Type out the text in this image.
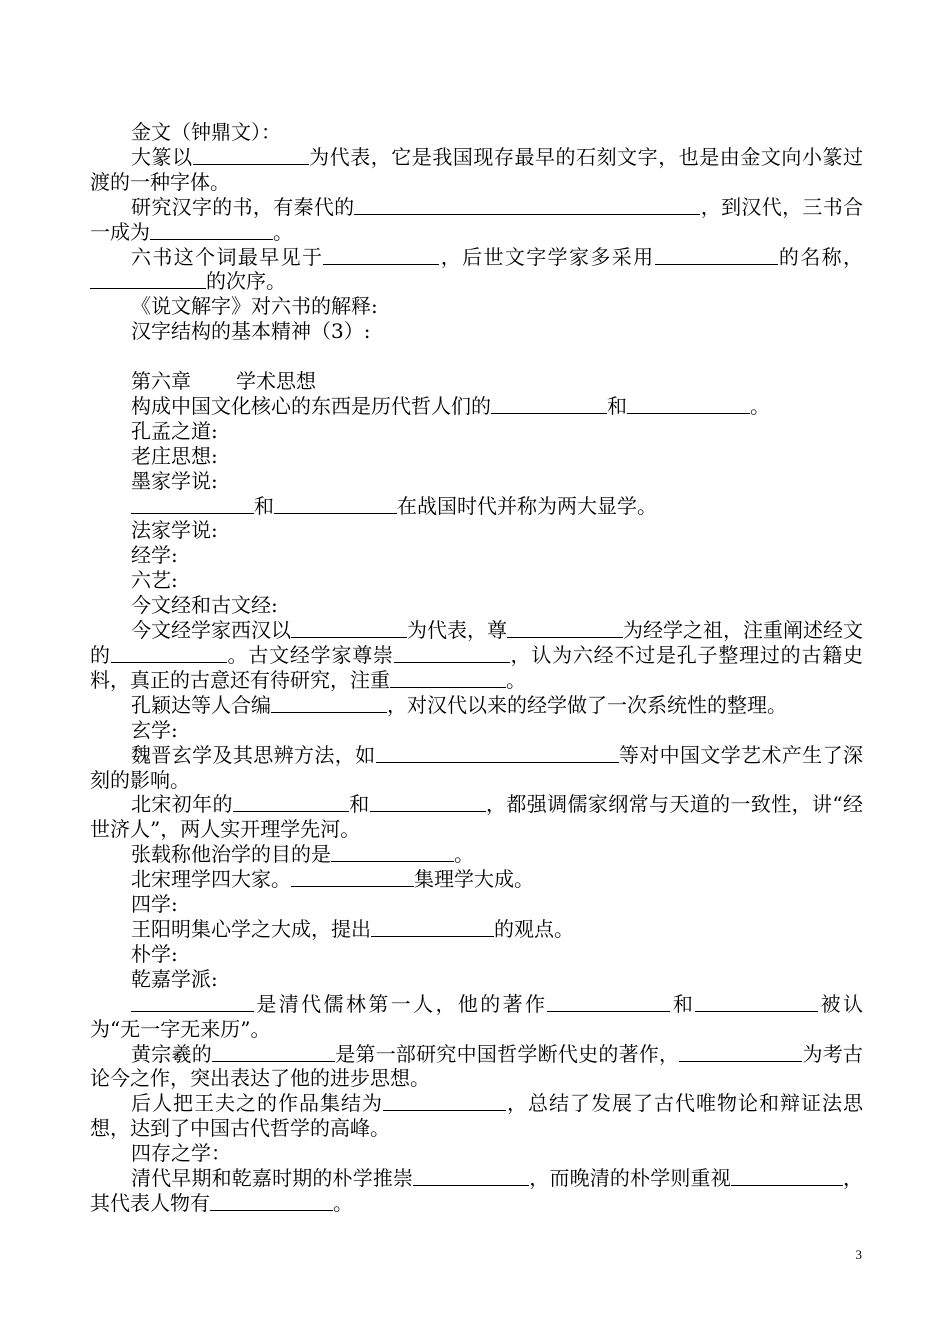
金文（钟鼎文）：

大篆以	为代表，它是我国现存最早的石刻文字，也是由金文向小篆过渡的一种字体。

研究汉字的书，有秦代的	，到汉代，三书合一成为	。

六书这个词最早见于	，后世文字学家多采用	的名称，的次序。

《说文解字》对六书的解释:

汉字结构的基本精神（3）:

第六章 学术思想

构成中国文化核心的东西是历代哲人们的	和	。

孔孟之道:

老庄思想:

墨家学说:

和	在战国时代并称为两大显学。

法家学说:

经学:

六艺:

今文经和古文经:

今文经学家西汉以	为代表，尊	为经学之祖，注重阐述经文的	。古文经学家尊崇	，认为六经不过是孔子整理过的古籍史料，真正的古意还有待研究，注重	。

孔颖达等人合编	，对汉代以来的经学做了一次系统性的整理。

玄学:

魏晋玄学及其思辨方法，如	等对中国文学艺术产生了深刻的影响。

北宋初年的	和	，都强调儒家纲常与天道的一致性，讲“经世济人”，两人实开理学先河。

张载称他治学的目的是	。

北宋理学四大家。	集理学大成。

四学:

王阳明集心学之大成，提出	的观点。

朴学:

乾嘉学派:

是清代儒林第一人，他的著作	和	被认为“无一字无来历”。

黄宗羲的	是第一部研究中国哲学断代史的著作，	为考古论今之作，突出表达了他的进步思想。

后人把王夫之的作品集结为	，总结了发展了古代唯物论和辩证法思想，达到了中国古代哲学的高峰。

四存之学：

清代早期和乾嘉时期的朴学推崇	，而晚清的朴学则重视	，其代表人物有	。

3
